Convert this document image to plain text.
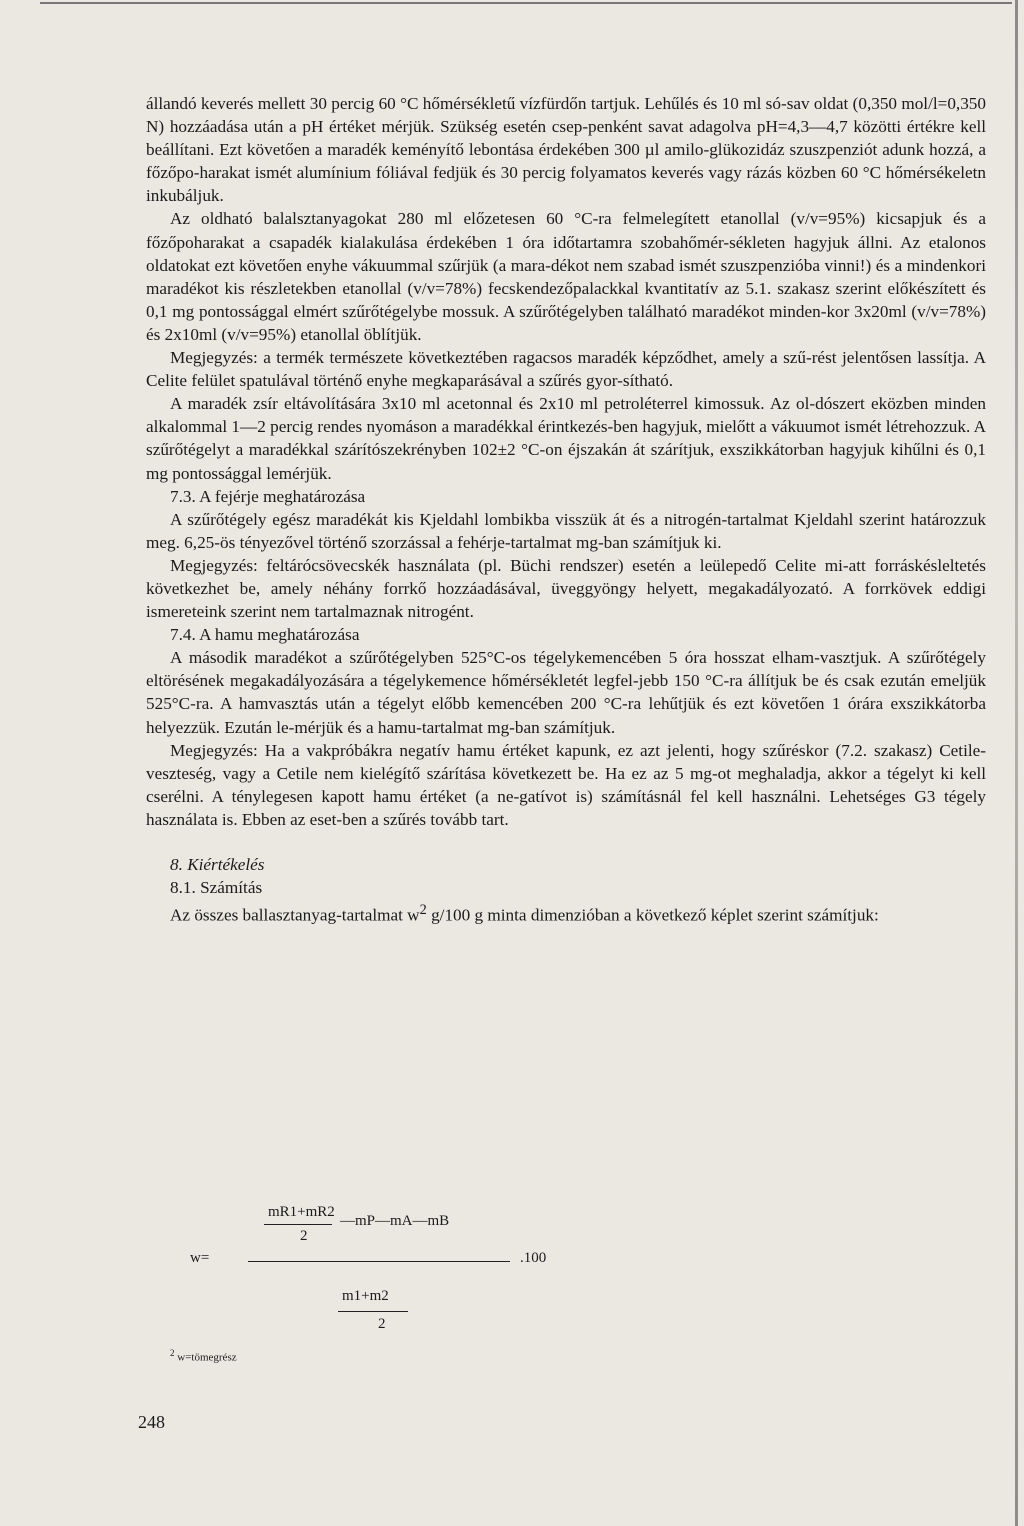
állandó keverés mellett 30 percig 60 °C hőmérsékletű vízfürdőn tartjuk. Lehűlés és 10 ml só-sav oldat (0,350 mol/l=0,350 N) hozzáadása után a pH értéket mérjük. Szükség esetén csep-penként savat adagolva pH=4,3—4,7 közötti értékre kell beállítani. Ezt követően a maradék keményítő lebontása érdekében 300 µl amilo-glükozidáz szuszpenziót adunk hozzá, a főzőpo-harakat ismét alumínium fóliával fedjük és 30 percig folyamatos keverés vagy rázás közben 60 °C hőmérsékeletn inkubáljuk.

Az oldható balalsztanyagokat 280 ml előzetesen 60 °C-ra felmelegített etanollal (v/v=95%) kicsapjuk és a főzőpoharakat a csapadék kialakulása érdekében 1 óra időtartamra szobahőmér-sékleten hagyjuk állni. Az etalonos oldatokat ezt követően enyhe vákuummal szűrjük (a mara-dékot nem szabad ismét szuszpenzióba vinni!) és a mindenkori maradékot kis részletekben etanollal (v/v=78%) fecskendezőpalackkal kvantitatív az 5.1. szakasz szerint előkészített és 0,1 mg pontossággal elmért szűrőtégelybe mossuk. A szűrőtégelyben található maradékot minden-kor 3x20ml (v/v=78%) és 2x10ml (v/v=95%) etanollal öblítjük.

Megjegyzés: a termék természete következtében ragacsos maradék képződhet, amely a szű-rést jelentősen lassítja. A Celite felület spatulával történő enyhe megkaparásával a szűrés gyor-sítható.

A maradék zsír eltávolítására 3x10 ml acetonnal és 2x10 ml petroléterrel kimossuk. Az ol-dószert eközben minden alkalommal 1—2 percig rendes nyomáson a maradékkal érintkezés-ben hagyjuk, mielőtt a vákuumot ismét létrehozzuk. A szűrőtégelyt a maradékkal szárítószekrényben 102±2 °C-on éjszakán át szárítjuk, exszikkátorban hagyjuk kihűlni és 0,1 mg pontossággal lemérjük.

7.3. A fejérje meghatározása

A szűrőtégely egész maradékát kis Kjeldahl lombikba visszük át és a nitrogén-tartalmat Kjeldahl szerint határozzuk meg. 6,25-ös tényezővel történő szorzással a fehérje-tartalmat mg-ban számítjuk ki.

Megjegyzés: feltárócsövecskék használata (pl. Büchi rendszer) esetén a leülepedő Celite mi-att forráskésleltetés következhet be, amely néhány forrkő hozzáadásával, üveggyöngy helyett, megakadályozató. A forrkövek eddigi ismereteink szerint nem tartalmaznak nitrogént.

7.4. A hamu meghatározása

A második maradékot a szűrőtégelyben 525°C-os tégelykemencében 5 óra hosszat elham-vasztjuk. A szűrőtégely eltörésének megakadályozására a tégelykemence hőmérsékletét legfel-jebb 150 °C-ra állítjuk be és csak ezután emeljük 525°C-ra. A hamvasztás után a tégelyt előbb kemencében 200 °C-ra lehűtjük és ezt követően 1 órára exszikkátorba helyezzük. Ezután le-mérjük és a hamu-tartalmat mg-ban számítjuk.

Megjegyzés: Ha a vakpróbákra negatív hamu értéket kapunk, ez azt jelenti, hogy szűréskor (7.2. szakasz) Cetile-veszteség, vagy a Cetile nem kielégítő szárítása következett be. Ha ez az 5 mg-ot meghaladja, akkor a tégelyt ki kell cserélni. A ténylegesen kapott hamu értéket (a ne-gatívot is) számításnál fel kell használni. Lehetséges G3 tégely használata is. Ebben az eset-ben a szűrés tovább tart.

8. Kiértékelés

8.1. Számítás

Az összes ballasztanyag-tartalmat $w^2$ g/100 g minta dimenzióban a következő képlet szerint számítjuk:

mR1+mR2
2
—mP—mA—mB
w=	.100
m1+m2
2
$^2$ w=tömegrész
248
